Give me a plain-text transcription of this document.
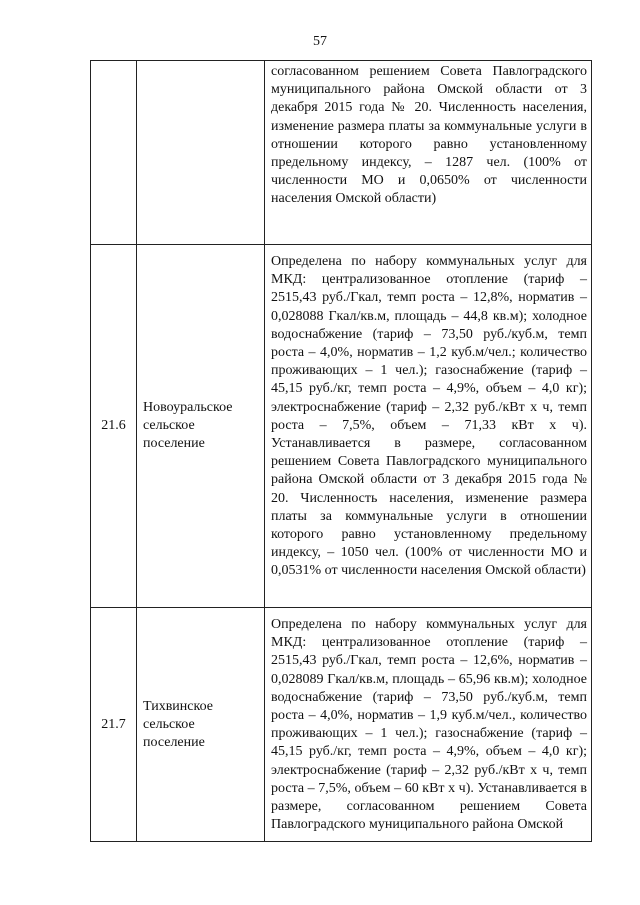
57

		согласованном решением Совета Павлоградского муниципального района Омской области от 3 декабря 2015 года № 20. Численность населения, изменение размера платы за коммунальные услуги в отношении которого равно установленному предельному индексу, – 1287 чел. (100% от численности МО и 0,0650% от численности населения Омской области)

21.6	Новоуральское сельское поселение	Определена по набору коммунальных услуг для МКД: централизованное отопление (тариф – 2515,43 руб./Гкал, темп роста – 12,8%, норматив – 0,028088 Гкал/кв.м, площадь – 44,8 кв.м); холодное водоснабжение (тариф – 73,50 руб./куб.м, темп роста – 4,0%, норматив – 1,2 куб.м/чел.; количество проживающих – 1 чел.); газоснабжение (тариф – 45,15 руб./кг, темп роста – 4,9%, объем – 4,0 кг); электроснабжение (тариф – 2,32 руб./кВт х ч, темп роста – 7,5%, объем – 71,33 кВт х ч). Устанавливается в размере, согласованном решением Совета Павлоградского муниципального района Омской области от 3 декабря 2015 года № 20. Численность населения, изменение размера платы за коммунальные услуги в отношении которого равно установленному предельному индексу, – 1050 чел. (100% от численности МО и 0,0531% от численности населения Омской области)

21.7	Тихвинское сельское поселение	Определена по набору коммунальных услуг для МКД: централизованное отопление (тариф – 2515,43 руб./Гкал, темп роста – 12,6%, норматив – 0,028089 Гкал/кв.м, площадь – 65,96 кв.м); холодное водоснабжение (тариф – 73,50 руб./куб.м, темп роста – 4,0%, норматив – 1,9 куб.м/чел., количество проживающих – 1 чел.); газоснабжение (тариф – 45,15 руб./кг, темп роста – 4,9%, объем – 4,0 кг); электроснабжение (тариф – 2,32 руб./кВт х ч, темп роста – 7,5%, объем – 60 кВт х ч). Устанавливается в размере, согласованном решением Совета Павлоградского муниципального района Омской
